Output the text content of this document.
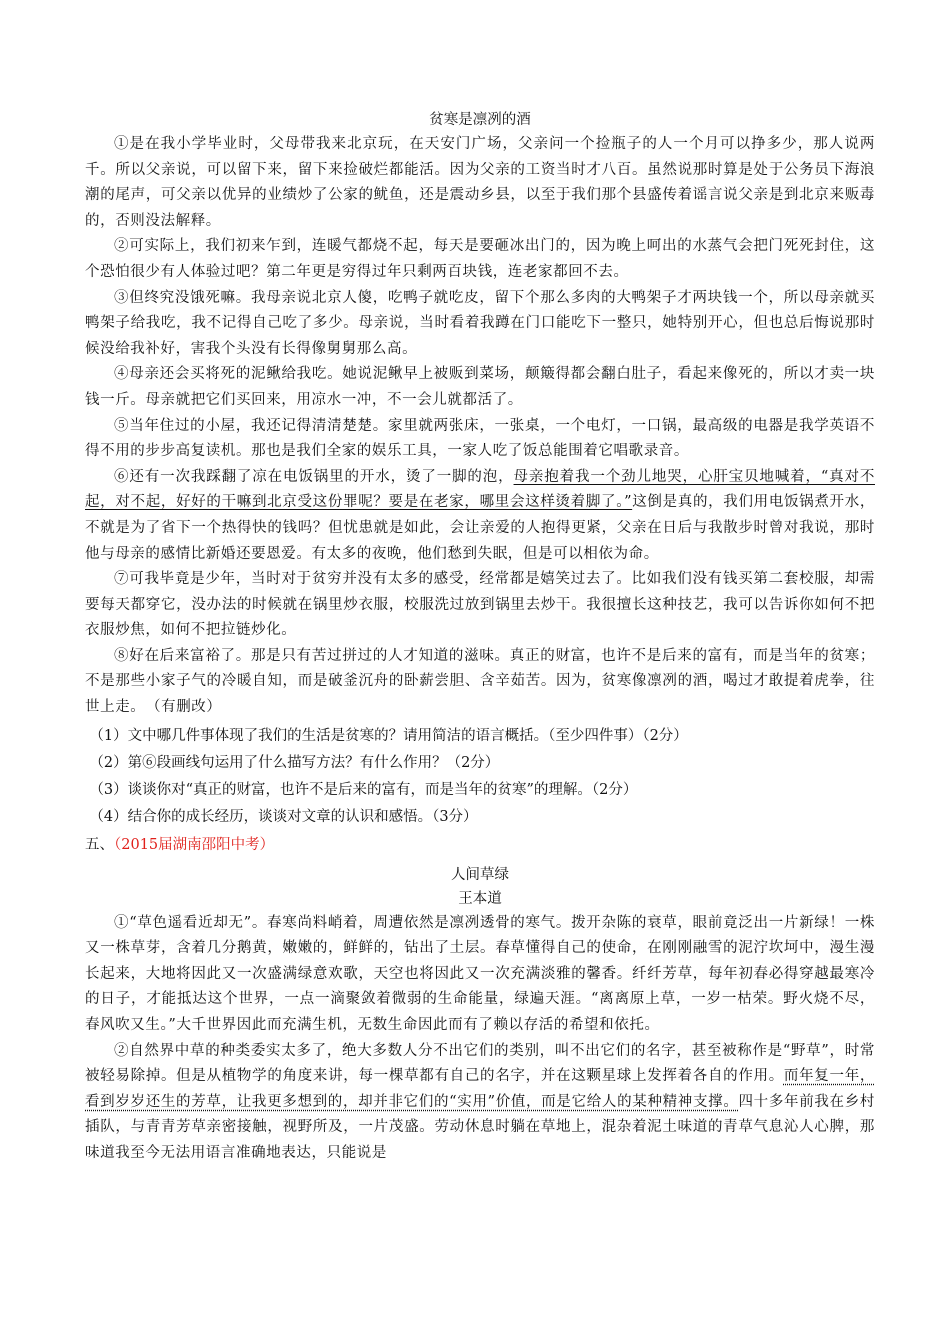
贫寒是凛冽的酒

①是在我小学毕业时，父母带我来北京玩，在天安门广场，父亲问一个捡瓶子的人一个月可以挣多少，那人说两千。所以父亲说，可以留下来，留下来捡破烂都能活。因为父亲的工资当时才八百。虽然说那时算是处于公务员下海浪潮的尾声，可父亲以优异的业绩炒了公家的鱿鱼，还是震动乡县，以至于我们那个县盛传着谣言说父亲是到北京来贩毒的，否则没法解释。

②可实际上，我们初来乍到，连暖气都烧不起，每天是要砸冰出门的，因为晚上呵出的水蒸气会把门死死封住，这个恐怕很少有人体验过吧？第二年更是穷得过年只剩两百块钱，连老家都回不去。

③但终究没饿死嘛。我母亲说北京人傻，吃鸭子就吃皮，留下个那么多肉的大鸭架子才两块钱一个，所以母亲就买鸭架子给我吃，我不记得自己吃了多少。母亲说，当时看着我蹲在门口能吃下一整只，她特别开心，但也总后悔说那时候没给我补好，害我个头没有长得像舅舅那么高。

④母亲还会买将死的泥鳅给我吃。她说泥鳅早上被贩到菜场，颠簸得都会翻白肚子，看起来像死的，所以才卖一块钱一斤。母亲就把它们买回来，用凉水一冲，不一会儿就都活了。

⑤当年住过的小屋，我还记得清清楚楚。家里就两张床，一张桌，一个电灯，一口锅，最高级的电器是我学英语不得不用的步步高复读机。那也是我们全家的娱乐工具，一家人吃了饭总能围着它唱歌录音。

⑥还有一次我踩翻了凉在电饭锅里的开水，烫了一脚的泡，母亲抱着我一个劲儿地哭，心肝宝贝地喊着，“真对不起，对不起，好好的干嘛到北京受这份罪呢？要是在老家，哪里会这样烫着脚了。”这倒是真的，我们用电饭锅煮开水，不就是为了省下一个热得快的钱吗？但忧患就是如此，会让亲爱的人抱得更紧，父亲在日后与我散步时曾对我说，那时他与母亲的感情比新婚还要恩爱。有太多的夜晚，他们愁到失眠，但是可以相依为命。

⑦可我毕竟是少年，当时对于贫穷并没有太多的感受，经常都是嬉笑过去了。比如我们没有钱买第二套校服，却需要每天都穿它，没办法的时候就在锅里炒衣服，校服洗过放到锅里去炒干。我很擅长这种技艺，我可以告诉你如何不把衣服炒焦，如何不把拉链炒化。

⑧好在后来富裕了。那是只有苦过拼过的人才知道的滋味。真正的财富，也许不是后来的富有，而是当年的贫寒；不是那些小家子气的冷暖自知，而是破釜沉舟的卧薪尝胆、含辛茹苦。因为，贫寒像凛冽的酒，喝过才敢提着虎拳，往世上走。　（有删改）

（1）文中哪几件事体现了我们的生活是贫寒的？请用简洁的语言概括。（至少四件事）（2分）

（2）第⑥段画线句运用了什么描写方法？有什么作用？（2分）

（3）谈谈你对“真正的财富，也许不是后来的富有，而是当年的贫寒”的理解。（2分）

（4）结合你的成长经历，谈谈对文章的认识和感悟。（3分）

五、（2015届湖南邵阳中考）
人间草绿
王本道

①“草色遥看近却无”。春寒尚料峭着，周遭依然是凛冽透骨的寒气。拨开杂陈的衰草，眼前竟泛出一片新绿！一株又一株草芽，含着几分鹅黄，嫩嫩的，鲜鲜的，钻出了土层。春草懂得自己的使命，在刚刚融雪的泥泞坎坷中，漫生漫长起来，大地将因此又一次盛满绿意欢歌，天空也将因此又一次充满淡雅的馨香。纤纤芳草，每年初春必得穿越最寒冷的日子，才能抵达这个世界，一点一滴聚敛着微弱的生命能量，绿遍天涯。“离离原上草，一岁一枯荣。野火烧不尽，春风吹又生。”大千世界因此而充满生机，无数生命因此而有了赖以存活的希望和依托。

②自然界中草的种类委实太多了，绝大多数人分不出它们的类别，叫不出它们的名字，甚至被称作是“野草”，时常被轻易除掉。但是从植物学的角度来讲，每一棵草都有自己的名字，并在这颗星球上发挥着各自的作用。而年复一年，看到岁岁还生的芳草，让我更多想到的，却并非它们的“实用”价值，而是它给人的某种精神支撑。四十多年前我在乡村插队，与青青芳草亲密接触，视野所及，一片茂盛。劳动休息时躺在草地上，混杂着泥土味道的青草气息沁人心脾，那味道我至今无法用语言准确地表达，只能说是
